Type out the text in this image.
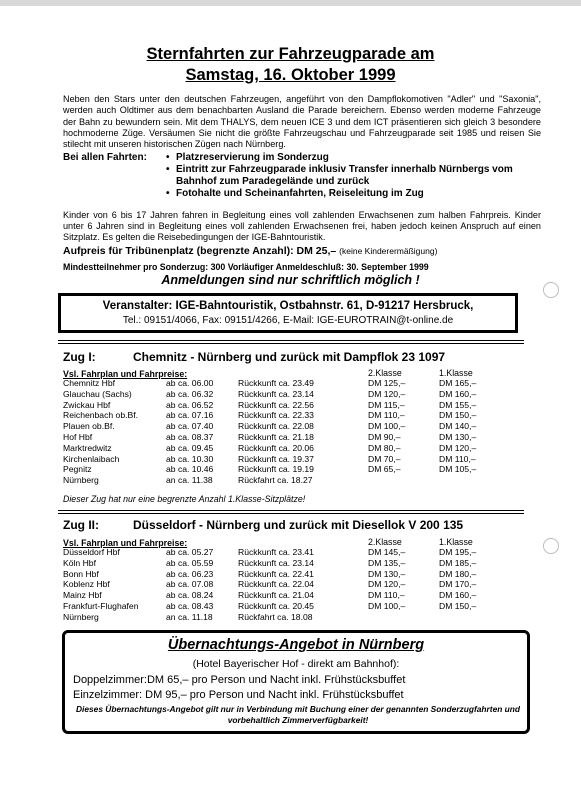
Sternfahrten zur Fahrzeugparade am
Samstag, 16. Oktober 1999
Neben den Stars unter den deutschen Fahrzeugen, angeführt von den Dampflokomotiven "Adler" und "Saxonia", werden auch Oldtimer aus dem benachbarten Ausland die Parade bereichern. Ebenso werden moderne Fahrzeuge der Bahn zu bewundern sein. Mit dem THALYS, dem neuen ICE 3 und dem ICT präsentieren sich gleich 3 besondere hochmoderne Züge. Versäumen Sie nicht die größte Fahrzeugschau und Fahrzeugparade seit 1985 und reisen Sie stilecht mit unseren historischen Zügen nach Nürnberg.
Bei allen Fahrten:
•	Platzreservierung im Sonderzug
• Eintritt zur Fahrzeugparade inklusiv Transfer innerhalb Nürnbergs vom Bahnhof zum Paradegelände und zurück
• Fotohalte und Scheinanfahrten, Reiseleitung im Zug
Kinder von 6 bis 17 Jahren fahren in Begleitung eines voll zahlenden Erwachsenen zum halben Fahrpreis. Kinder unter 6 Jahren sind in Begleitung eines voll zahlenden Erwachsenen frei, haben jedoch keinen Anspruch auf einen Sitzplatz. Es gelten die Reisebedingungen der IGE-Bahntouristik.
Aufpreis für Tribünenplatz (begrenzte Anzahl): DM 25,– (keine Kinderermäßigung)
Mindestteilnehmer pro Sonderzug: 300 Vorläufiger Anmeldeschluß: 30. September 1999
Anmeldungen sind nur schriftlich möglich !
Veranstalter: IGE-Bahntouristik, Ostbahnstr. 61, D-91217 Hersbruck,
Tel.: 09151/4066, Fax: 09151/4266, E-Mail: IGE-EUROTRAIN@t-online.de
Zug I:	Chemnitz - Nürnberg und zurück mit Dampflok 23 1097
Vsl. Fahrplan und Fahrpreise:	2.Klasse	1.Klasse
Chemnitz Hbf	ab ca. 06.00	Rückkunft ca. 23.49	DM 125,–	DM 165,–
Glauchau (Sachs)	ab ca. 06.32	Rückkunft ca. 23.14	DM 120,–	DM 160,–
Zwickau Hbf	ab ca. 06.52	Rückkunft ca. 22.56	DM 115,–	DM 155,–
Reichenbach ob.Bf.	ab ca. 07.16	Rückkunft ca. 22.33	DM 110,–	DM 150,–
Plauen ob.Bf.	ab ca. 07.40	Rückkunft ca. 22.08	DM 100,–	DM 140,–
Hof Hbf	ab ca. 08.37	Rückkunft ca. 21.18	DM 90,–	DM 130,–
Marktredwitz	ab ca. 09.45	Rückkunft ca. 20.06	DM 80,–	DM 120,–
Kirchenlaibach	ab ca. 10.30	Rückkunft ca. 19.37	DM 70,–	DM 110,–
Pegnitz	ab ca. 10.46	Rückkunft ca. 19.19	DM 65,–	DM 105,–
Nürnberg	an ca. 11.38	Rückfahrt ca. 18.27
Dieser Zug hat nur eine begrenzte Anzahl 1.Klasse-Sitzplätze!
Zug II:	Düsseldorf - Nürnberg und zurück mit Diesellok V 200 135
Vsl. Fahrplan und Fahrpreise:	2.Klasse	1.Klasse
Düsseldorf Hbf	ab ca. 05.27	Rückkunft ca. 23.41	DM 145,–	DM 195,–
Köln Hbf	ab ca. 05.59	Rückkunft ca. 23.14	DM 135,–	DM 185,–
Bonn Hbf	ab ca. 06.23	Rückkunft ca. 22.41	DM 130,–	DM 180,–
Koblenz Hbf	ab ca. 07.08	Rückkunft ca. 22.04	DM 120,–	DM 170,–
Mainz Hbf	ab ca. 08.24	Rückkunft ca. 21.04	DM 110,–	DM 160,–
Frankfurt-Flughafen	ab ca. 08.43	Rückkunft ca. 20.45	DM 100,–	DM 150,–
Nürnberg	an ca. 11.18	Rückfahrt ca. 18.08
Übernachtungs-Angebot in Nürnberg
(Hotel Bayerischer Hof - direkt am Bahnhof):
Doppelzimmer:DM 65,– pro Person und Nacht inkl. Frühstücksbuffet
Einzelzimmer: DM 95,– pro Person und Nacht inkl. Frühstücksbuffet
Dieses Übernachtungs-Angebot gilt nur in Verbindung mit Buchung einer der genannten Sonderzugfahrten und vorbehaltlich Zimmerverfügbarkeit!
